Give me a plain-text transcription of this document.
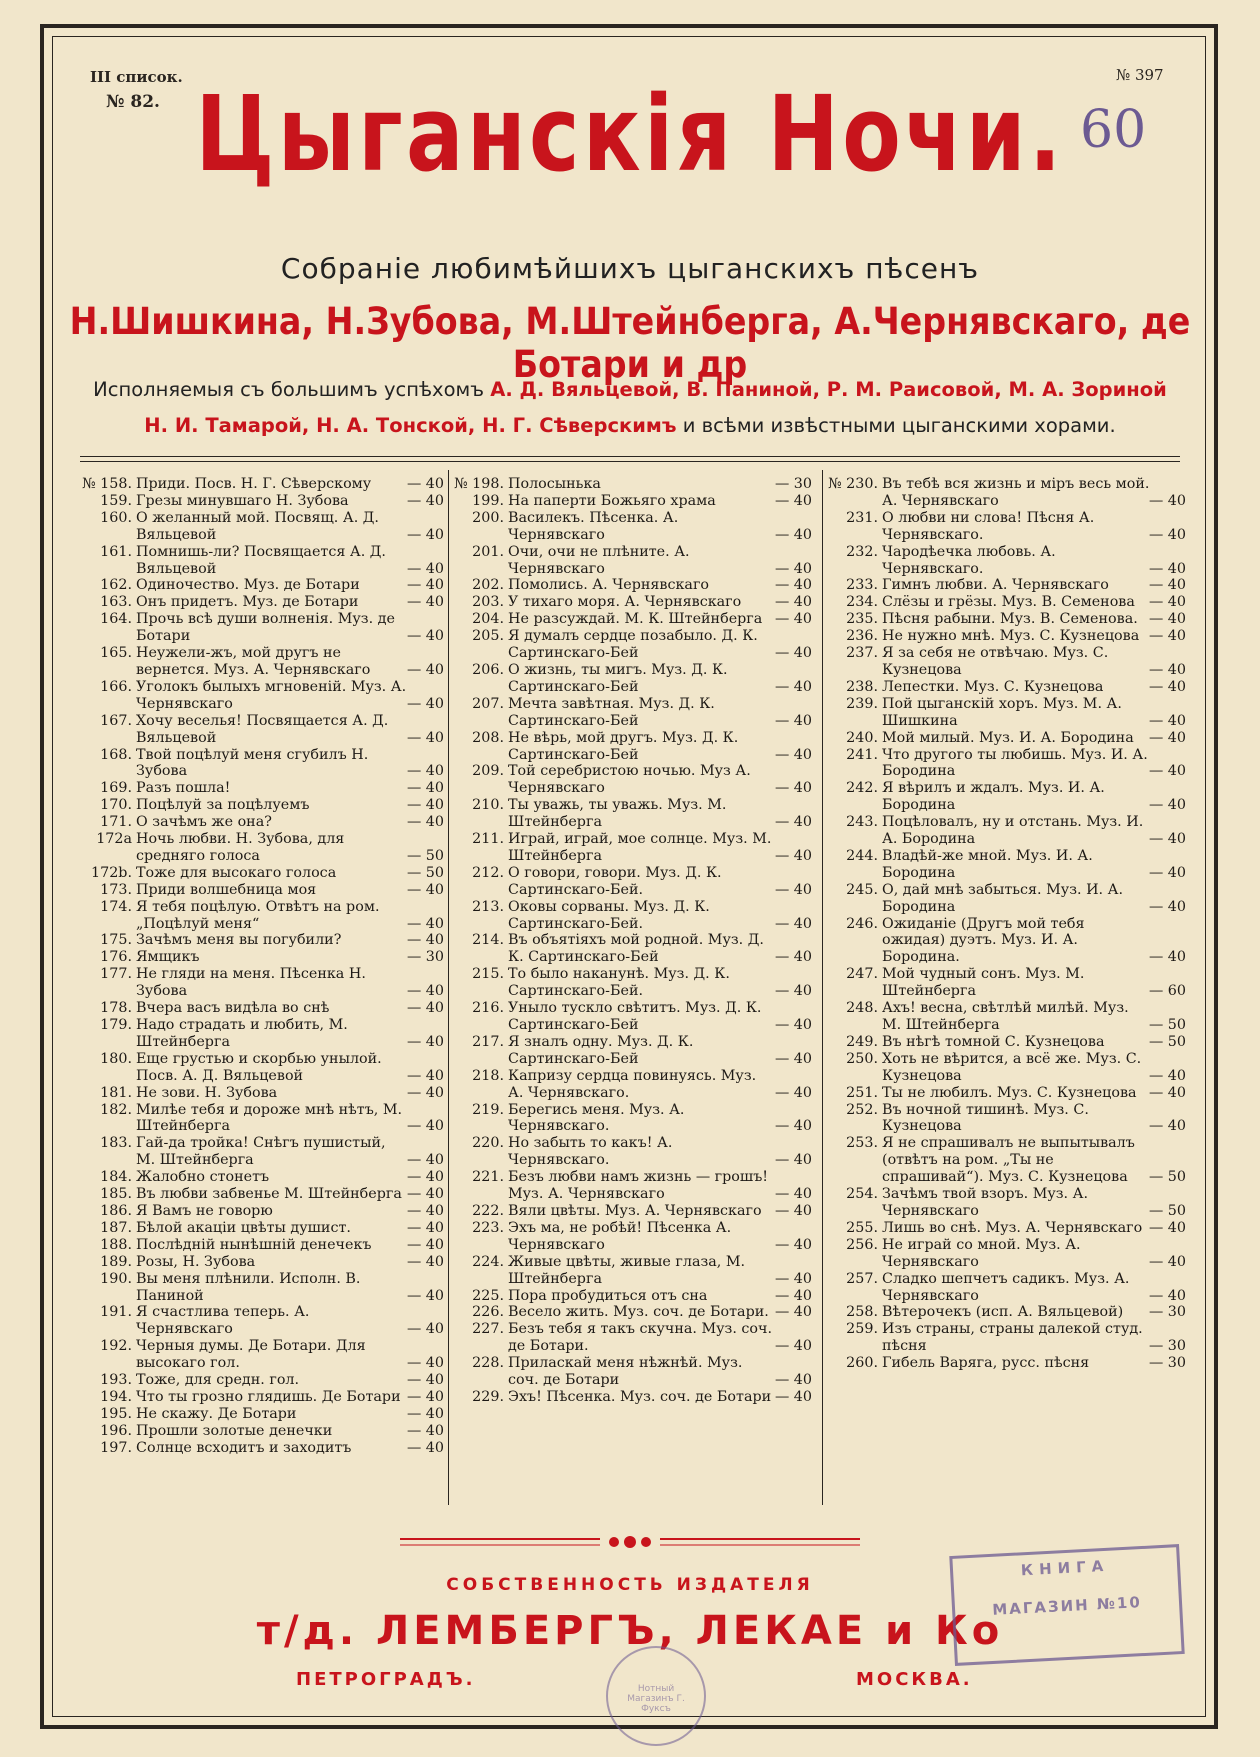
III список.
№ 82.
№ 397
Цыганскія Ночи. 60
Собраніе любимѣйшихъ цыганскихъ пѣсенъ
Н.Шишкина, Н.Зубова, М.Штейнберга, А.Чернявскаго, де Ботари и др
Исполняемыя съ большимъ успѣхомъ А. Д. Вяльцевой, В. Паниной, Р. М. Раисовой, М. А. Зориной
Н. И. Тамарой, Н. А. Тонской, Н. Г. Сѣверскимъ и всѣми извѣстными цыганскими хорами.
№ 158. Приди. Посв. Н. Г. Сѣверскому	— 40
159. Грезы минувшаго Н. Зубова	— 40
160. О желанный мой. Посвящ. А. Д. Вяльцевой	— 40
161. Помнишь-ли? Посвящается А. Д. Вяльцевой	— 40
162. Одиночество. Муз. де Ботари	— 40
163. Онъ придетъ. Муз. де Ботари	— 40
164. Прочь всѣ души волненія. Муз. де Ботари	— 40
165. Неужели-жъ, мой другъ не вернется. Муз. А. Чернявскаго	— 40
166. Уголокъ былыхъ мгновеній. Муз. А. Чернявскаго	— 40
167. Хочу веселья! Посвящается А. Д. Вяльцевой	— 40
168. Твой поцѣлуй меня сгубилъ Н. Зубова	— 40
169. Разъ пошла!	— 40
170. Поцѣлуй за поцѣлуемъ	— 40
171. О зачѣмъ же она?	— 40
172a Ночь любви. Н. Зубова, для средняго голоса	— 50
172b. Тоже для высокаго голоса	— 50
173. Приди волшебница моя	— 40
174. Я тебя поцѣлую. Отвѣтъ на ром. „Поцѣлуй меня“	— 40
175. Зачѣмъ меня вы погубили?	— 40
176. Ямщикъ	— 30
177. Не гляди на меня. Пѣсенка Н. Зубова	— 40
178. Вчера васъ видѣла во снѣ	— 40
179. Надо страдать и любить, М. Штейнберга	— 40
180. Еще грустью и скорбью унылой. Посв. А. Д. Вяльцевой	— 40
181. Не зови. Н. Зубова	— 40
182. Милѣе тебя и дороже мнѣ нѣтъ, М. Штейнберга	— 40
183. Гай-да тройка! Снѣгъ пушистый, М. Штейнберга	— 40
184. Жалобно стонетъ	— 40
185. Въ любви забвенье М. Штейнберга — 40
186. Я Вамъ не говорю	— 40
187. Бѣлой акаціи цвѣты душист.	— 40
188. Послѣдній нынѣшній денечекъ	— 40
189. Розы, Н. Зубова	— 40
190. Вы меня плѣнили. Исполн. В. Паниной	— 40
191. Я счастлива теперь. А. Чернявскаго	— 40
192. Черныя думы. Де Ботари. Для высокаго гол.	— 40
193. Тоже, для средн. гол.	— 40
194. Что ты грозно глядишь. Де Ботари — 40
195. Не скажу. Де Ботари	— 40
196. Прошли золотые денечки	— 40
197. Солнце всходитъ и заходитъ	— 40
№ 198. Полосынька	— 30
199. На паперти Божьяго храма	— 40
200. Василекъ. Пѣсенка. А. Чернявскаго	— 40
201. Очи, очи не плѣните. А. Чернявскаго	— 40
202. Помолись. А. Чернявскаго	— 40
203. У тихаго моря. А. Чернявскаго	— 40
204. Не разсуждай. М. К. Штейнберга — 40
205. Я думалъ сердце позабыло. Д. К. Сартинскаго-Бей	— 40
206. О жизнь, ты мигъ. Муз. Д. К. Сартинскаго-Бей	— 40
207. Мечта завѣтная. Муз. Д. К. Сартинскаго-Бей	— 40
208. Не вѣрь, мой другъ. Муз. Д. К. Сартинскаго-Бей	— 40
209. Той серебристою ночью. Муз А. Чернявскаго	— 40
210. Ты уважь, ты уважь. Муз. М. Штейнберга	— 40
211. Играй, играй, мое солнце. Муз. М. Штейнберга	— 40
212. О говори, говори. Муз. Д. К. Сартинскаго-Бей.	— 40
213. Оковы сорваны. Муз. Д. К. Сартинскаго-Бей.	— 40
214. Въ объятіяхъ мой родной. Муз. Д. К. Сартинскаго-Бей	— 40
215. То было наканунѣ. Муз. Д. К. Сартинскаго-Бей.	— 40
216. Уныло тускло свѣтитъ. Муз. Д. К. Сартинскаго-Бей	— 40
217. Я зналъ одну. Муз. Д. К. Сартинскаго-Бей	— 40
218. Капризу сердца повинуясь. Муз. А. Чернявскаго.	— 40
219. Берегись меня. Муз. А. Чернявскаго.	— 40
220. Но забыть то какъ! А. Чернявскаго.	— 40
221. Безъ любви намъ жизнь — грошъ! Муз. А. Чернявскаго	— 40
222. Вяли цвѣты. Муз. А. Чернявскаго — 40
223. Эхъ ма, не робѣй! Пѣсенка А. Чернявскаго	— 40
224. Живые цвѣты, живые глаза, М. Штейнберга	— 40
225. Пора пробудиться отъ сна	— 40
226. Весело жить. Муз. соч. де Ботари. — 40
227. Безъ тебя я такъ скучна. Муз. соч. де Ботари.	— 40
228. Приласкай меня нѣжнѣй. Муз. соч. де Ботари	— 40
229. Эхъ! Пѣсенка. Муз. соч. де Ботари — 40
№ 230. Въ тебѣ вся жизнь и міръ весь мой. А. Чернявскаго	— 40
231. О любви ни слова! Пѣсня А. Чернявскаго.	— 40
232. Чародѣечка любовь. А. Чернявскаго.	— 40
233. Гимнъ любви. А. Чернявскаго	— 40
234. Слёзы и грёзы. Муз. В. Семенова — 40
235. Пѣсня рабыни. Муз. В. Семенова. — 40
236. Не нужно мнѣ. Муз. С. Кузнецова — 40
237. Я за себя не отвѣчаю. Муз. С. Кузнецова	— 40
238. Лепестки. Муз. С. Кузнецова	— 40
239. Пой цыганскій хоръ. Муз. М. А. Шишкина	— 40
240. Мой милый. Муз. И. А. Бородина	— 40
241. Что другого ты любишь. Муз. И. А. Бородина	— 40
242. Я вѣрилъ и ждалъ. Муз. И. А. Бородина	— 40
243. Поцѣловалъ, ну и отстань. Муз. И. А. Бородина	— 40
244. Владѣй-же мной. Муз. И. А. Бородина	— 40
245. О, дай мнѣ забыться. Муз. И. А. Бородина	— 40
246. Ожиданіе (Другъ мой тебя ожидая) дуэтъ. Муз. И. А. Бородина.	— 40
247. Мой чудный сонъ. Муз. М. Штейнберга	— 60
248. Ахъ! весна, свѣтлѣй милѣй. Муз. М. Штейнберга	— 50
249. Въ нѣгѣ томной С. Кузнецова	— 50
250. Хоть не вѣрится, а всё же. Муз. С. Кузнецова	— 40
251. Ты не любилъ. Муз. С. Кузнецова — 40
252. Въ ночной тишинѣ. Муз. С. Кузнецова	— 40
253. Я не спрашивалъ не выпытывалъ (отвѣтъ на ром. „Ты не спрашивай“). Муз. С. Кузнецова	— 50
254. Зачѣмъ твой взоръ. Муз. А. Чернявскаго	— 50
255. Лишь во снѣ. Муз. А. Чернявскаго — 40
256. Не играй со мной. Муз. А. Чернявскаго	— 40
257. Сладко шепчетъ садикъ. Муз. А. Чернявскаго	— 40
258. Вѣтерочекъ (исп. А. Вяльцевой)	— 30
259. Изъ страны, страны далекой студ. пѣсня	— 30
260. Гибель Варяга, русс. пѣсня	— 30
СОБСТВЕННОСТЬ ИЗДАТЕЛЯ
т/д. ЛЕМБЕРГЪ, ЛЕКАЕ и Ко
ПЕТРОГРАДЪ.	МОСКВА.
КНИГА
МАГАЗИН №10
Нотный Магазинъ Г. Фуксъ
